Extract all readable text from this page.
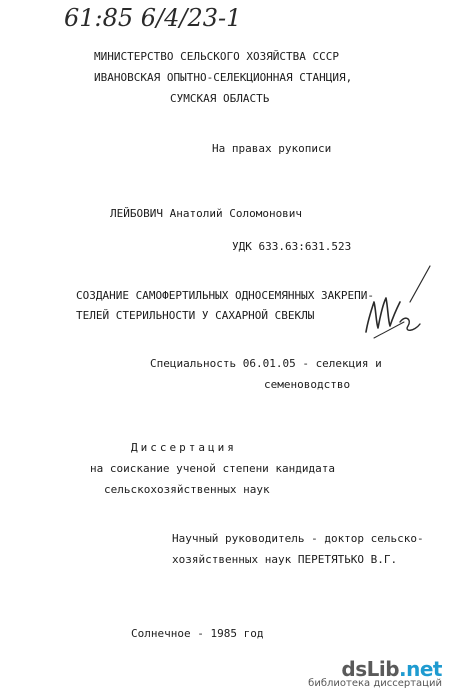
61:85 6/4/23-1
МИНИСТЕРСТВО СЕЛЬСКОГО ХОЗЯЙСТВА СССР
ИВАНОВСКАЯ ОПЫТНО-СЕЛЕКЦИОННАЯ СТАНЦИЯ,
СУМСКАЯ ОБЛАСТЬ
На правах рукописи
ЛЕЙБОВИЧ Анатолий Соломонович
УДК 633.63:631.523
СОЗДАНИЕ САМОФЕРТИЛЬНЫХ ОДНОСЕМЯННЫХ ЗАКРЕПИ-
ТЕЛЕЙ СТЕРИЛЬНОСТИ У САХАРНОЙ СВЕКЛЫ
Специальность 06.01.05 - селекция и
семеноводство
Диссертация
на соискание ученой степени кандидата
сельскохозяйственных наук
Научный руководитель - доктор сельско-
хозяйственных наук ПЕРЕТЯТЬКО В.Г.
Солнечное - 1985 год
dsLib.net
библиотека диссертаций
